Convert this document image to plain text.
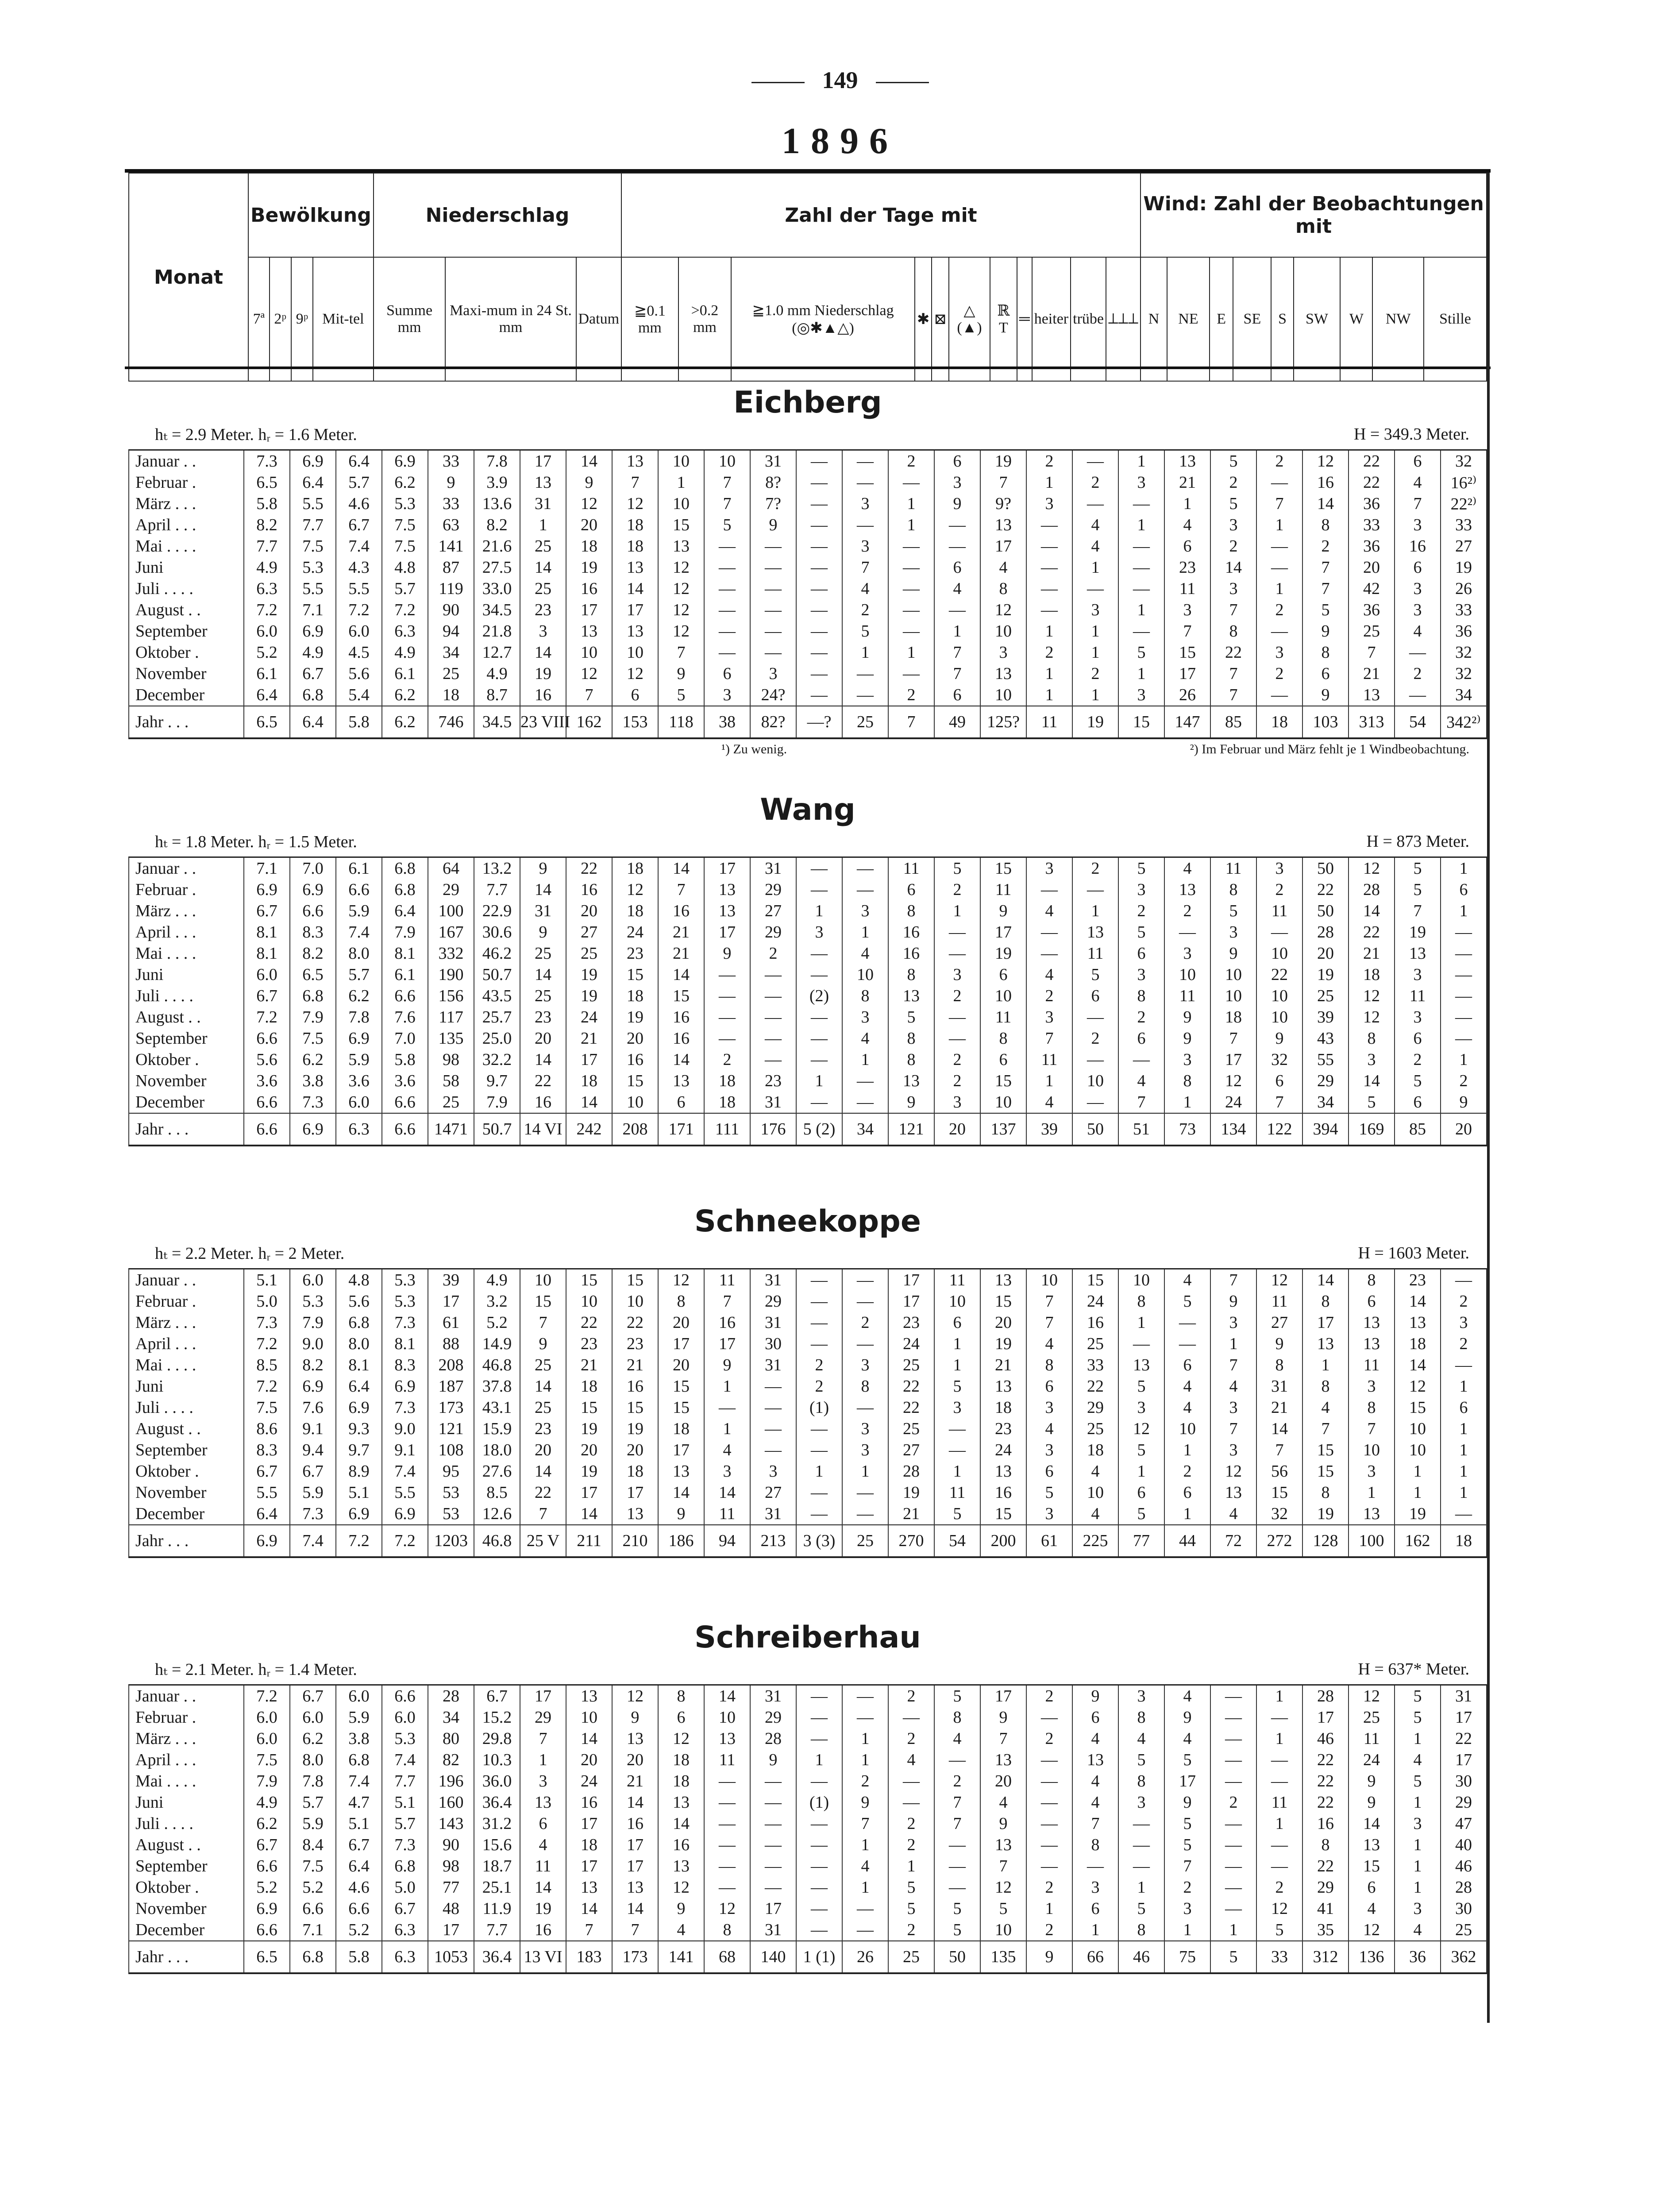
149
1896
Monat	Bewölkung				Niederschlag			Zahl der Tage mit											Wind: Zahl der Beobachtungen mit								
	7ª	2ᵖ	9ᵖ	Mit-tel	Summe mm	Maxi-mum in 24 St. mm	Datum	≧0.1 mm	>0.2 mm	≧1.0 mm Niederschlag (◎✱▲△)	✱	⊠	△ (▲)	ℝ T	═	heiter	trübe	⟂⟂⟂	N	NE	E	SE	S	SW	W	NW	Stille
Eichberg
hₜ = 2.9 Meter. hᵣ = 1.6 Meter.	H = 349.3 Meter.
Januar . .	7.3	6.9	6.4	6.9	33	7.8	17	14	13	10	10	31	—	—	2	6	19	2	—	1	13	5	2	12	22	6	32
Februar .	6.5	6.4	5.7	6.2	9	3.9	13	9	7	1	7	8?	—	—	—	3	7	1	2	3	21	2	—	16	22	4	16²⁾
März . . .	5.8	5.5	4.6	5.3	33	13.6	31	12	12	10	7	7?	—	3	1	9	9?	3	—	—	1	5	7	14	36	7	22²⁾
April . . .	8.2	7.7	6.7	7.5	63	8.2	1	20	18	15	5	9	—	—	1	—	13	—	4	1	4	3	1	8	33	3	33
Mai . . . .	7.7	7.5	7.4	7.5	141	21.6	25	18	18	13	—	—	—	3	—	—	17	—	4	—	6	2	—	2	36	16	27
Juni	4.9	5.3	4.3	4.8	87	27.5	14	19	13	12	—	—	—	7	—	6	4	—	1	—	23	14	—	7	20	6	19
Juli . . . .	6.3	5.5	5.5	5.7	119	33.0	25	16	14	12	—	—	—	4	—	4	8	—	—	—	11	3	1	7	42	3	26
August . .	7.2	7.1	7.2	7.2	90	34.5	23	17	17	12	—	—	—	2	—	—	12	—	3	1	3	7	2	5	36	3	33
September	6.0	6.9	6.0	6.3	94	21.8	3	13	13	12	—	—	—	5	—	1	10	1	1	—	7	8	—	9	25	4	36
Oktober .	5.2	4.9	4.5	4.9	34	12.7	14	10	10	7	—	—	—	1	1	7	3	2	1	5	15	22	3	8	7	—	32
November	6.1	6.7	5.6	6.1	25	4.9	19	12	12	9	6	3	—	—	—	7	13	1	2	1	17	7	2	6	21	2	32
December	6.4	6.8	5.4	6.2	18	8.7	16	7	6	5	3	24?	—	—	2	6	10	1	1	3	26	7	—	9	13	—	34
Jahr . . .	6.5	6.4	5.8	6.2	746	34.5	23 VIII	162	153	118	38	82?	—?	25	7	49	125?	11	19	15	147	85	18	103	313	54	342²⁾
¹) Zu wenig.	²) Im Februar und März fehlt je 1 Windbeobachtung.
Wang
hₜ = 1.8 Meter. hᵣ = 1.5 Meter.	H = 873 Meter.
Januar . .	7.1	7.0	6.1	6.8	64	13.2	9	22	18	14	17	31	—	—	11	5	15	3	2	5	4	11	3	50	12	5	1
Februar .	6.9	6.9	6.6	6.8	29	7.7	14	16	12	7	13	29	—	—	6	2	11	—	—	3	13	8	2	22	28	5	6
März . . .	6.7	6.6	5.9	6.4	100	22.9	31	20	18	16	13	27	1	3	8	1	9	4	1	2	2	5	11	50	14	7	1
April . . .	8.1	8.3	7.4	7.9	167	30.6	9	27	24	21	17	29	3	1	16	—	17	—	13	5	—	3	—	28	22	19	—
Mai . . . .	8.1	8.2	8.0	8.1	332	46.2	25	25	23	21	9	2	—	4	16	—	19	—	11	6	3	9	10	20	21	13	—
Juni	6.0	6.5	5.7	6.1	190	50.7	14	19	15	14	—	—	—	10	8	3	6	4	5	3	10	10	22	19	18	3	—
Juli . . . .	6.7	6.8	6.2	6.6	156	43.5	25	19	18	15	—	—	(2)	8	13	2	10	2	6	8	11	10	10	25	12	11	—
August . .	7.2	7.9	7.8	7.6	117	25.7	23	24	19	16	—	—	—	3	5	—	11	3	—	2	9	18	10	39	12	3	—
September	6.6	7.5	6.9	7.0	135	25.0	20	21	20	16	—	—	—	4	8	—	8	7	2	6	9	7	9	43	8	6	—
Oktober .	5.6	6.2	5.9	5.8	98	32.2	14	17	16	14	2	—	—	1	8	2	6	11	—	—	3	17	32	55	3	2	1
November	3.6	3.8	3.6	3.6	58	9.7	22	18	15	13	18	23	1	—	13	2	15	1	10	4	8	12	6	29	14	5	2
December	6.6	7.3	6.0	6.6	25	7.9	16	14	10	6	18	31	—	—	9	3	10	4	—	7	1	24	7	34	5	6	9
Jahr . . .	6.6	6.9	6.3	6.6	1471	50.7	14 VI	242	208	171	111	176	5 (2)	34	121	20	137	39	50	51	73	134	122	394	169	85	20
Schneekoppe
hₜ = 2.2 Meter. hᵣ = 2 Meter.	H = 1603 Meter.
Januar . .	5.1	6.0	4.8	5.3	39	4.9	10	15	15	12	11	31	—	—	17	11	13	10	15	10	4	7	12	14	8	23	—
Februar .	5.0	5.3	5.6	5.3	17	3.2	15	10	10	8	7	29	—	—	17	10	15	7	24	8	5	9	11	8	6	14	2
März . . .	7.3	7.9	6.8	7.3	61	5.2	7	22	22	20	16	31	—	2	23	6	20	7	16	1	—	3	27	17	13	13	3
April . . .	7.2	9.0	8.0	8.1	88	14.9	9	23	23	17	17	30	—	—	24	1	19	4	25	—	—	1	9	13	13	18	2
Mai . . . .	8.5	8.2	8.1	8.3	208	46.8	25	21	21	20	9	31	2	3	25	1	21	8	33	13	6	7	8	1	11	14	—
Juni	7.2	6.9	6.4	6.9	187	37.8	14	18	16	15	1	—	2	8	22	5	13	6	22	5	4	4	31	8	3	12	1
Juli . . . .	7.5	7.6	6.9	7.3	173	43.1	25	15	15	15	—	—	(1)	—	22	3	18	3	29	3	4	3	21	4	8	15	6
August . .	8.6	9.1	9.3	9.0	121	15.9	23	19	19	18	1	—	—	3	25	—	23	4	25	12	10	7	14	7	7	10	1
September	8.3	9.4	9.7	9.1	108	18.0	20	20	20	17	4	—	—	3	27	—	24	3	18	5	1	3	7	15	10	10	1
Oktober .	6.7	6.7	8.9	7.4	95	27.6	14	19	18	13	3	3	1	1	28	1	13	6	4	1	2	12	56	15	3	1	1
November	5.5	5.9	5.1	5.5	53	8.5	22	17	17	14	14	27	—	—	19	11	16	5	10	6	6	13	15	8	1	1	1
December	6.4	7.3	6.9	6.9	53	12.6	7	14	13	9	11	31	—	—	21	5	15	3	4	5	1	4	32	19	13	19	—
Jahr . . .	6.9	7.4	7.2	7.2	1203	46.8	25 V	211	210	186	94	213	3 (3)	25	270	54	200	61	225	77	44	72	272	128	100	162	18
Schreiberhau
hₜ = 2.1 Meter. hᵣ = 1.4 Meter.	H = 637* Meter.
Januar . .	7.2	6.7	6.0	6.6	28	6.7	17	13	12	8	14	31	—	—	2	5	17	2	9	3	4	—	1	28	12	5	31
Februar .	6.0	6.0	5.9	6.0	34	15.2	29	10	9	6	10	29	—	—	—	8	9	—	6	8	9	—	—	17	25	5	17
März . . .	6.0	6.2	3.8	5.3	80	29.8	7	14	13	12	13	28	—	1	2	4	7	2	4	4	4	—	1	46	11	1	22
April . . .	7.5	8.0	6.8	7.4	82	10.3	1	20	20	18	11	9	1	1	4	—	13	—	13	5	5	—	—	22	24	4	17
Mai . . . .	7.9	7.8	7.4	7.7	196	36.0	3	24	21	18	—	—	—	2	—	2	20	—	4	8	17	—	—	22	9	5	30
Juni	4.9	5.7	4.7	5.1	160	36.4	13	16	14	13	—	—	(1)	9	—	7	4	—	4	3	9	2	11	22	9	1	29
Juli . . . .	6.2	5.9	5.1	5.7	143	31.2	6	17	16	14	—	—	—	7	2	7	9	—	7	—	5	—	1	16	14	3	47
August . .	6.7	8.4	6.7	7.3	90	15.6	4	18	17	16	—	—	—	1	2	—	13	—	8	—	5	—	—	8	13	1	40
September	6.6	7.5	6.4	6.8	98	18.7	11	17	17	13	—	—	—	4	1	—	7	—	—	—	7	—	—	22	15	1	46
Oktober .	5.2	5.2	4.6	5.0	77	25.1	14	13	13	12	—	—	—	1	5	—	12	2	3	1	2	—	2	29	6	1	28
November	6.9	6.6	6.6	6.7	48	11.9	19	14	14	9	12	17	—	—	5	5	5	1	6	5	3	—	12	41	4	3	30
December	6.6	7.1	5.2	6.3	17	7.7	16	7	7	4	8	31	—	—	2	5	10	2	1	8	1	1	5	35	12	4	25
Jahr . . .	6.5	6.8	5.8	6.3	1053	36.4	13 VI	183	173	141	68	140	1 (1)	26	25	50	135	9	66	46	75	5	33	312	136	36	362
